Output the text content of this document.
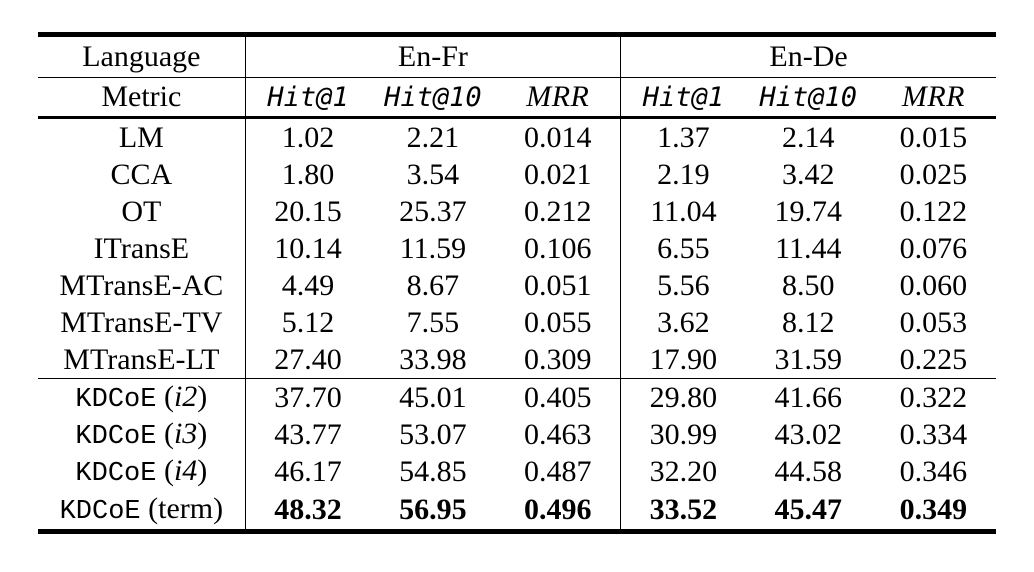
Language	En-Fr			En-De		
Metric	Hit@1	Hit@10	MRR	Hit@1	Hit@10	MRR
LM	1.02	2.21	0.014	1.37	2.14	0.015
CCA	1.80	3.54	0.021	2.19	3.42	0.025
OT	20.15	25.37	0.212	11.04	19.74	0.122
ITransE	10.14	11.59	0.106	6.55	11.44	0.076
MTransE-AC	4.49	8.67	0.051	5.56	8.50	0.060
MTransE-TV	5.12	7.55	0.055	3.62	8.12	0.053
MTransE-LT	27.40	33.98	0.309	17.90	31.59	0.225
KDCoE (i2)	37.70	45.01	0.405	29.80	41.66	0.322
KDCoE (i3)	43.77	53.07	0.463	30.99	43.02	0.334
KDCoE (i4)	46.17	54.85	0.487	32.20	44.58	0.346
KDCoE (term)	48.32	56.95	0.496	33.52	45.47	0.349
